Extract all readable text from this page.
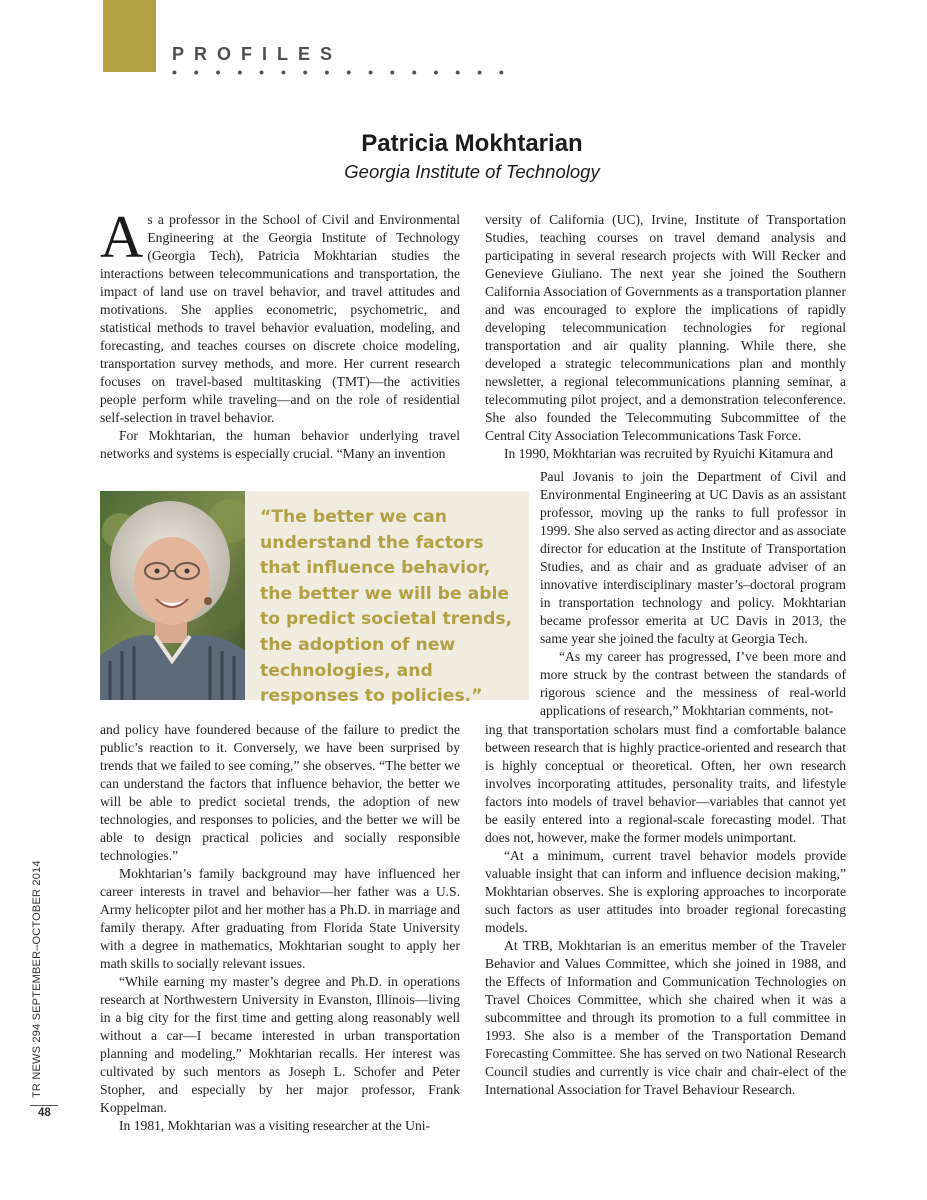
PROFILES
• • • • • • • • • • • • • • • •
Patricia Mokhtarian
Georgia Institute of Technology

As a professor in the School of Civil and Environmental Engineering at the Georgia Institute of Technology (Georgia Tech), Patricia Mokhtarian studies the interactions between telecommunications and transportation, the impact of land use on travel behavior, and travel attitudes and motivations. She applies econometric, psychometric, and statistical methods to travel behavior evaluation, modeling, and forecasting, and teaches courses on discrete choice modeling, transportation survey methods, and more. Her current research focuses on travel-based multitasking (TMT)—the activities people perform while traveling—and on the role of residential self-selection in travel behavior.

For Mokhtarian, the human behavior underlying travel networks and systems is especially crucial. “Many an invention

“The better we can understand the factors that influence behavior, the better we will be able to predict societal trends, the adoption of new technologies, and responses to policies.”

and policy have foundered because of the failure to predict the public’s reaction to it. Conversely, we have been surprised by trends that we failed to see coming,” she observes. “The better we can understand the factors that influence behavior, the better we will be able to predict societal trends, the adoption of new technologies, and responses to policies, and the better we will be able to design practical policies and socially responsible technologies.”

Mokhtarian’s family background may have influenced her career interests in travel and behavior—her father was a U.S. Army helicopter pilot and her mother has a Ph.D. in marriage and family therapy. After graduating from Florida State University with a degree in mathematics, Mokhtarian sought to apply her math skills to socially relevant issues.

“While earning my master’s degree and Ph.D. in operations research at Northwestern University in Evanston, Illinois—living in a big city for the first time and getting along reasonably well without a car—I became interested in urban transportation planning and modeling,” Mokhtarian recalls. Her interest was cultivated by such mentors as Joseph L. Schofer and Peter Stopher, and especially by her major professor, Frank Koppelman.

In 1981, Mokhtarian was a visiting researcher at the Uni-

versity of California (UC), Irvine, Institute of Transportation Studies, teaching courses on travel demand analysis and participating in several research projects with Will Recker and Genevieve Giuliano. The next year she joined the Southern California Association of Governments as a transportation planner and was encouraged to explore the implications of rapidly developing telecommunication technologies for regional transportation and air quality planning. While there, she developed a strategic telecommunications plan and monthly newsletter, a regional telecommunications planning seminar, a telecommuting pilot project, and a demonstration teleconference. She also founded the Telecommuting Subcommittee of the Central City Association Telecommunications Task Force.

In 1990, Mokhtarian was recruited by Ryuichi Kitamura and

Paul Jovanis to join the Department of Civil and Environmental Engineering at UC Davis as an assistant professor, moving up the ranks to full professor in 1999. She also served as acting director and as associate director for education at the Institute of Transportation Studies, and as chair and as graduate adviser of an innovative interdisciplinary master’s–doctoral program in transportation technology and policy. Mokhtarian became professor emerita at UC Davis in 2013, the same year she joined the faculty at Georgia Tech.

“As my career has progressed, I’ve been more and more struck by the contrast between the standards of rigorous science and the messiness of real-world applications of research,” Mokhtarian comments, not-

ing that transportation scholars must find a comfortable balance between research that is highly practice-oriented and research that is highly conceptual or theoretical. Often, her own research involves incorporating attitudes, personality traits, and lifestyle factors into models of travel behavior—variables that cannot yet be easily entered into a regional-scale forecasting model. That does not, however, make the former models unimportant.

“At a minimum, current travel behavior models provide valuable insight that can inform and influence decision making,” Mokhtarian observes. She is exploring approaches to incorporate such factors as user attitudes into broader regional forecasting models.

At TRB, Mokhtarian is an emeritus member of the Traveler Behavior and Values Committee, which she joined in 1988, and the Effects of Information and Communication Technologies on Travel Choices Committee, which she chaired when it was a subcommittee and through its promotion to a full committee in 1993. She also is a member of the Transportation Demand Forecasting Committee. She has served on two National Research Council studies and currently is vice chair and chair-elect of the International Association for Travel Behaviour Research.

TR NEWS 294 SEPTEMBER–OCTOBER 2014
48
